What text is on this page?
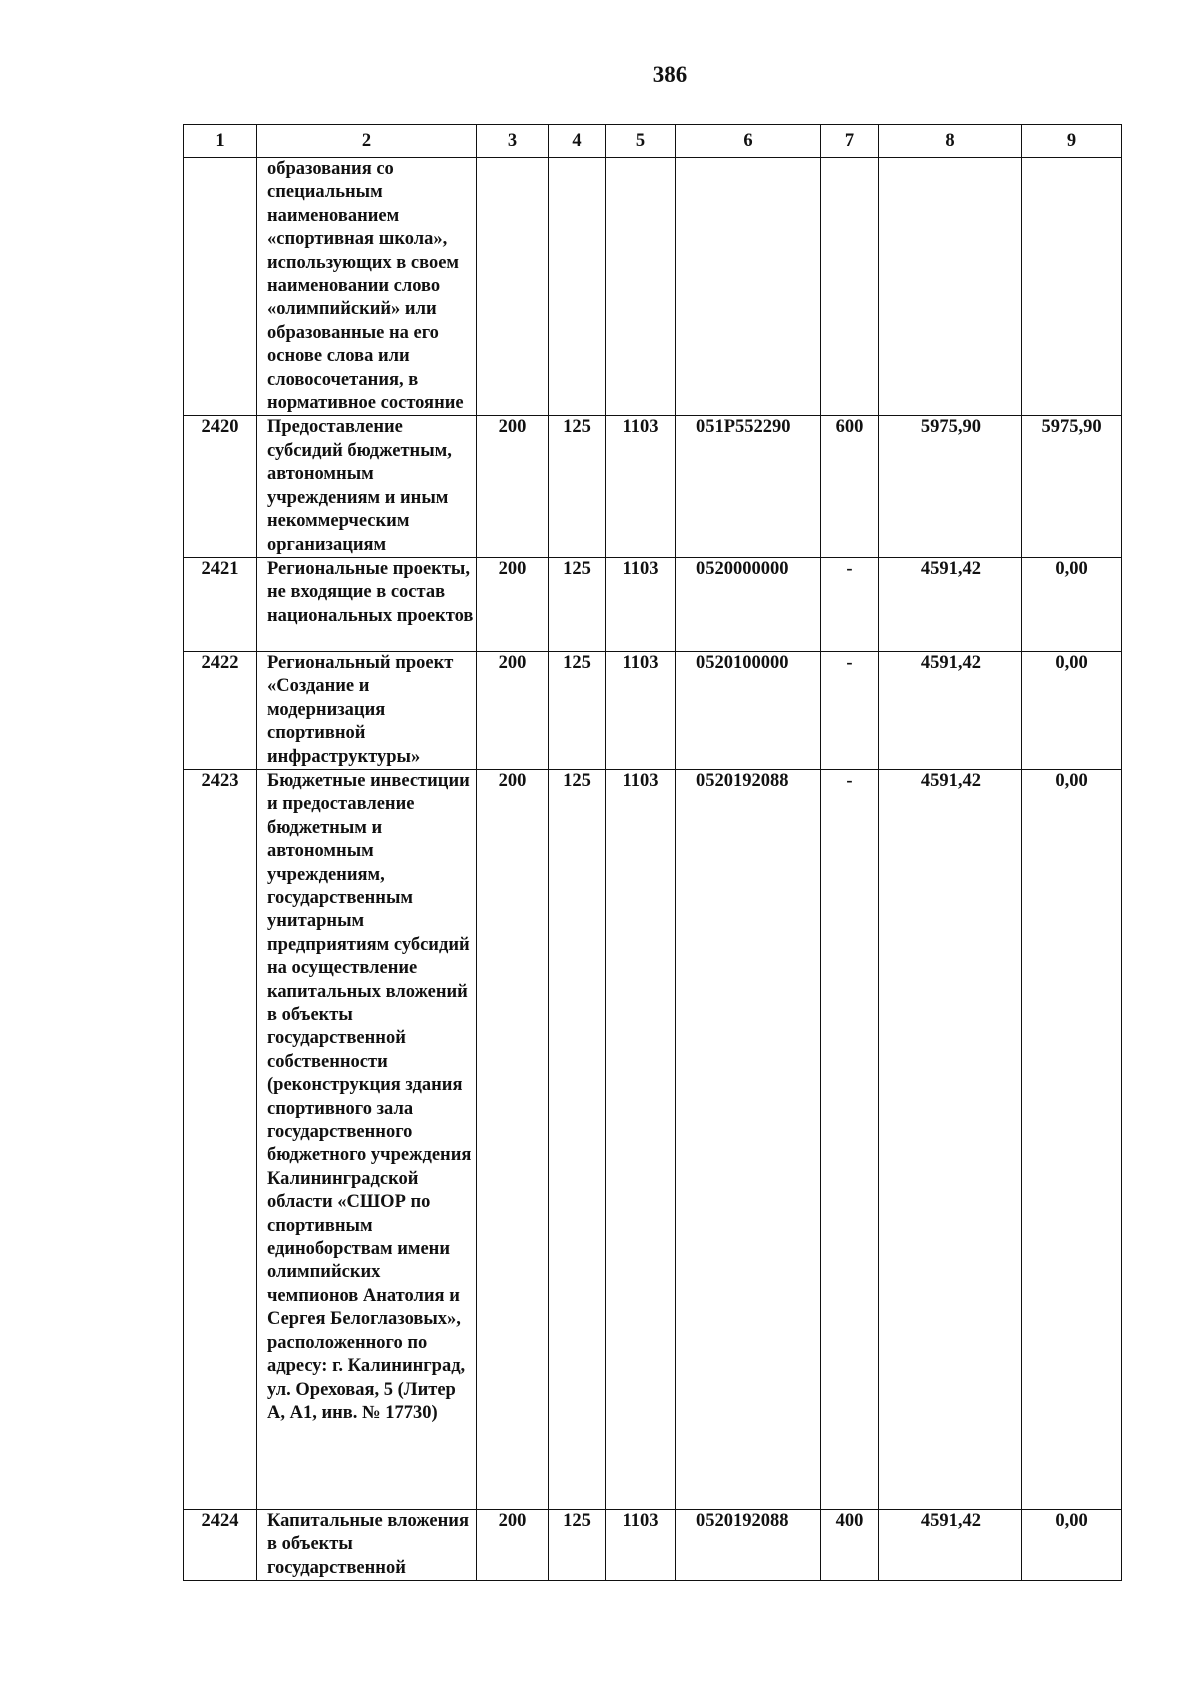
386
1	2	3	4	5	6	7	8	9
	образования со специальным наименованием «спортивная школа», использующих в своем наименовании слово «олимпийский» или образованные на его основе слова или словосочетания, в нормативное состояние							
2420	Предоставление субсидий бюджетным, автономным учреждениям и иным некоммерческим организациям	200	125	1103	051P552290	600	5975,90	5975,90
2421	Региональные проекты, не входящие в состав национальных проектов	200	125	1103	0520000000	-	4591,42	0,00
2422	Региональный проект «Создание и модернизация спортивной инфраструктуры»	200	125	1103	0520100000	-	4591,42	0,00
2423	Бюджетные инвестиции и предоставление бюджетным и автономным учреждениям, государственным унитарным предприятиям субсидий на осуществление капитальных вложений в объекты государственной собственности (реконструкция здания спортивного зала государственного бюджетного учреждения Калининградской области «СШОР по спортивным единоборствам имени олимпийских чемпионов Анатолия и Сергея Белоглазовых», расположенного по адресу: г. Калининград, ул. Ореховая, 5 (Литер А, А1, инв. № 17730)	200	125	1103	0520192088	-	4591,42	0,00
2424	Капитальные вложения в объекты государственной	200	125	1103	0520192088	400	4591,42	0,00
